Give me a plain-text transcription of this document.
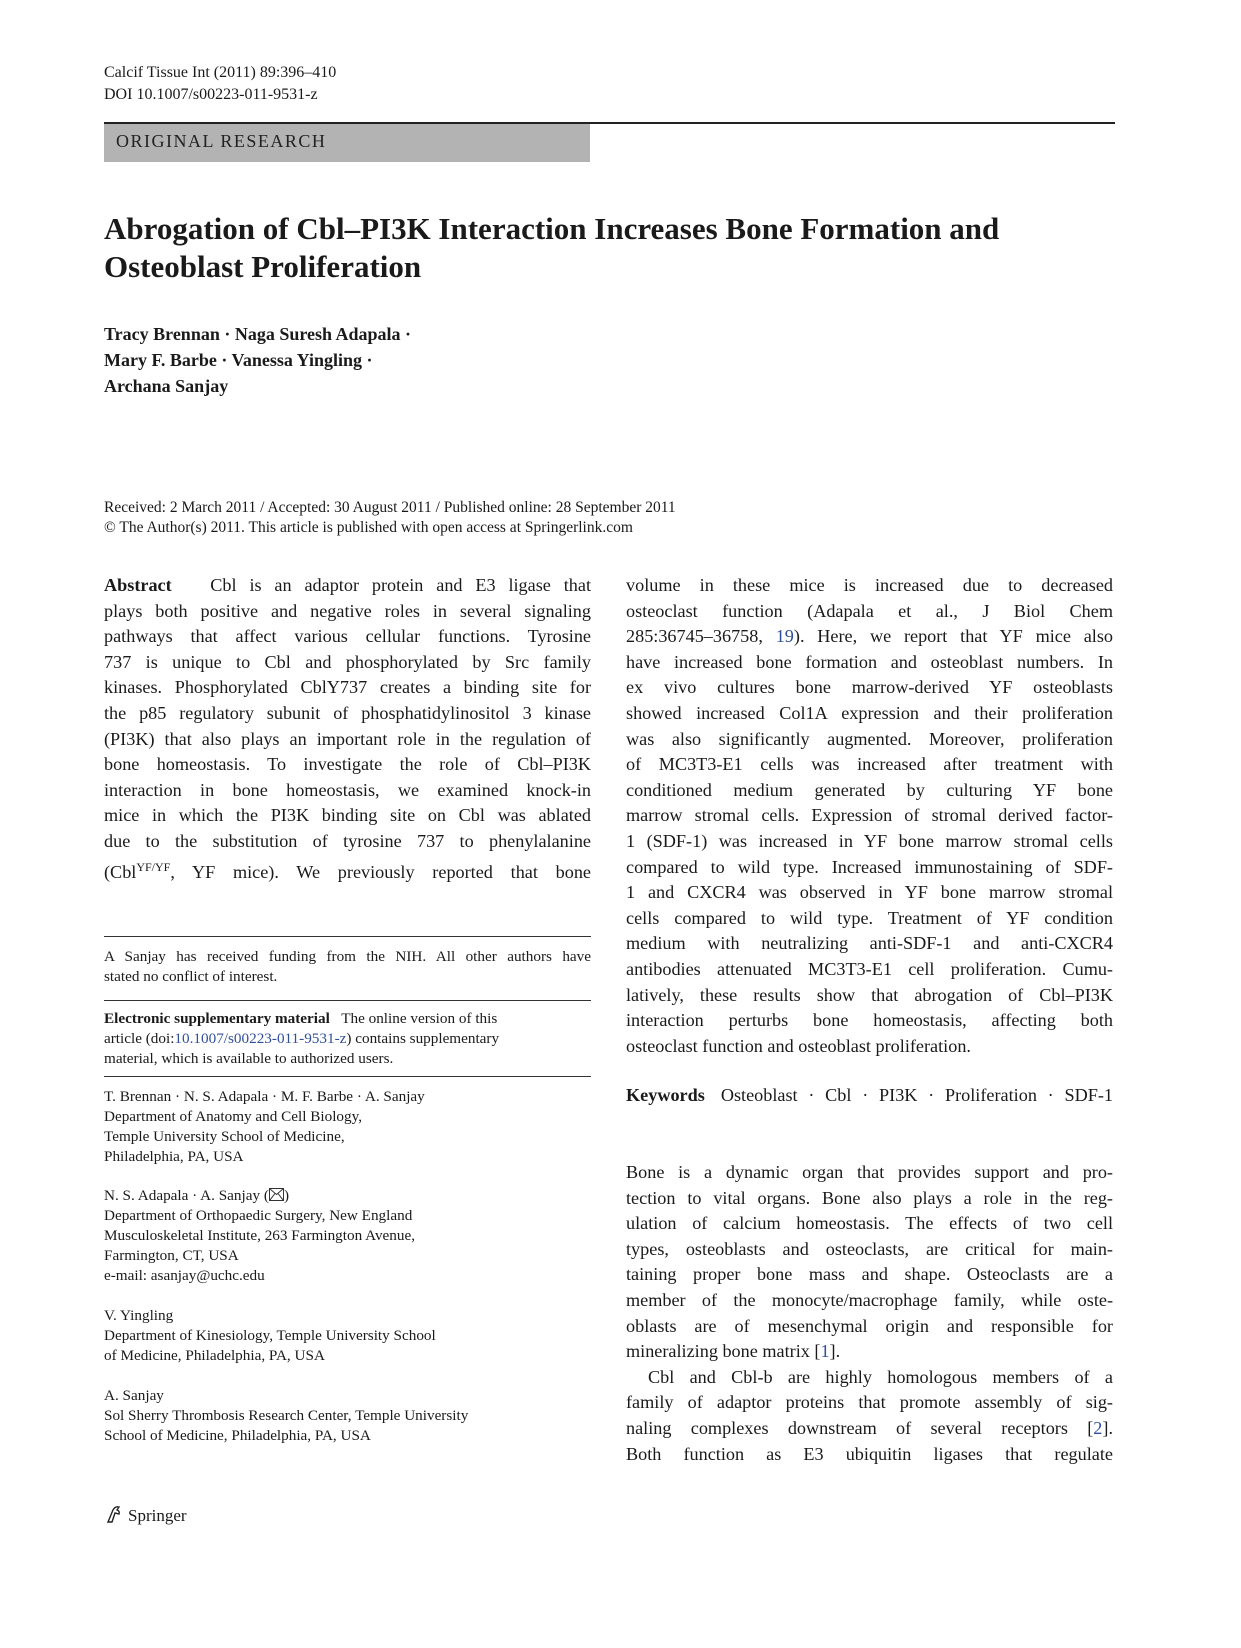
Calcif Tissue Int (2011) 89:396–410
DOI 10.1007/s00223-011-9531-z
ORIGINAL RESEARCH
Abrogation of Cbl–PI3K Interaction Increases Bone Formation and Osteoblast Proliferation
Tracy Brennan · Naga Suresh Adapala ·
Mary F. Barbe · Vanessa Yingling ·
Archana Sanjay
Received: 2 March 2011 / Accepted: 30 August 2011 / Published online: 28 September 2011
© The Author(s) 2011. This article is published with open access at Springerlink.com
Abstract Cbl is an adaptor protein and E3 ligase that
plays both positive and negative roles in several signaling
pathways that affect various cellular functions. Tyrosine
737 is unique to Cbl and phosphorylated by Src family
kinases. Phosphorylated CblY737 creates a binding site for
the p85 regulatory subunit of phosphatidylinositol 3 kinase
(PI3K) that also plays an important role in the regulation of
bone homeostasis. To investigate the role of Cbl–PI3K
interaction in bone homeostasis, we examined knock-in
mice in which the PI3K binding site on Cbl was ablated
due to the substitution of tyrosine 737 to phenylalanine
(Cbl$^{YF/YF}$, YF mice). We previously reported that bone
A Sanjay has received funding from the NIH. All other authors have
stated no conflict of interest.
Electronic supplementary material The online version of this
article (doi:10.1007/s00223-011-9531-z) contains supplementary
material, which is available to authorized users.
T. Brennan · N. S. Adapala · M. F. Barbe · A. Sanjay
Department of Anatomy and Cell Biology,
Temple University School of Medicine,
Philadelphia, PA, USA
N. S. Adapala · A. Sanjay ( )
Department of Orthopaedic Surgery, New England
Musculoskeletal Institute, 263 Farmington Avenue,
Farmington, CT, USA
e-mail: asanjay@uchc.edu
V. Yingling
Department of Kinesiology, Temple University School
of Medicine, Philadelphia, PA, USA
A. Sanjay
Sol Sherry Thrombosis Research Center, Temple University
School of Medicine, Philadelphia, PA, USA
volume in these mice is increased due to decreased
osteoclast function (Adapala et al., J Biol Chem
285:36745–36758, 19). Here, we report that YF mice also
have increased bone formation and osteoblast numbers. In
ex vivo cultures bone marrow-derived YF osteoblasts
showed increased Col1A expression and their proliferation
was also significantly augmented. Moreover, proliferation
of MC3T3-E1 cells was increased after treatment with
conditioned medium generated by culturing YF bone
marrow stromal cells. Expression of stromal derived factor-
1 (SDF-1) was increased in YF bone marrow stromal cells
compared to wild type. Increased immunostaining of SDF-
1 and CXCR4 was observed in YF bone marrow stromal
cells compared to wild type. Treatment of YF condition
medium with neutralizing anti-SDF-1 and anti-CXCR4
antibodies attenuated MC3T3-E1 cell proliferation. Cumu-
latively, these results show that abrogation of Cbl–PI3K
interaction perturbs bone homeostasis, affecting both
osteoclast function and osteoblast proliferation.
Keywords Osteoblast · Cbl · PI3K · Proliferation · SDF-1
Bone is a dynamic organ that provides support and pro-
tection to vital organs. Bone also plays a role in the reg-
ulation of calcium homeostasis. The effects of two cell
types, osteoblasts and osteoclasts, are critical for main-
taining proper bone mass and shape. Osteoclasts are a
member of the monocyte/macrophage family, while oste-
oblasts are of mesenchymal origin and responsible for
mineralizing bone matrix [1].
Cbl and Cbl-b are highly homologous members of a
family of adaptor proteins that promote assembly of sig-
naling complexes downstream of several receptors [2].
Both function as E3 ubiquitin ligases that regulate
Springer
